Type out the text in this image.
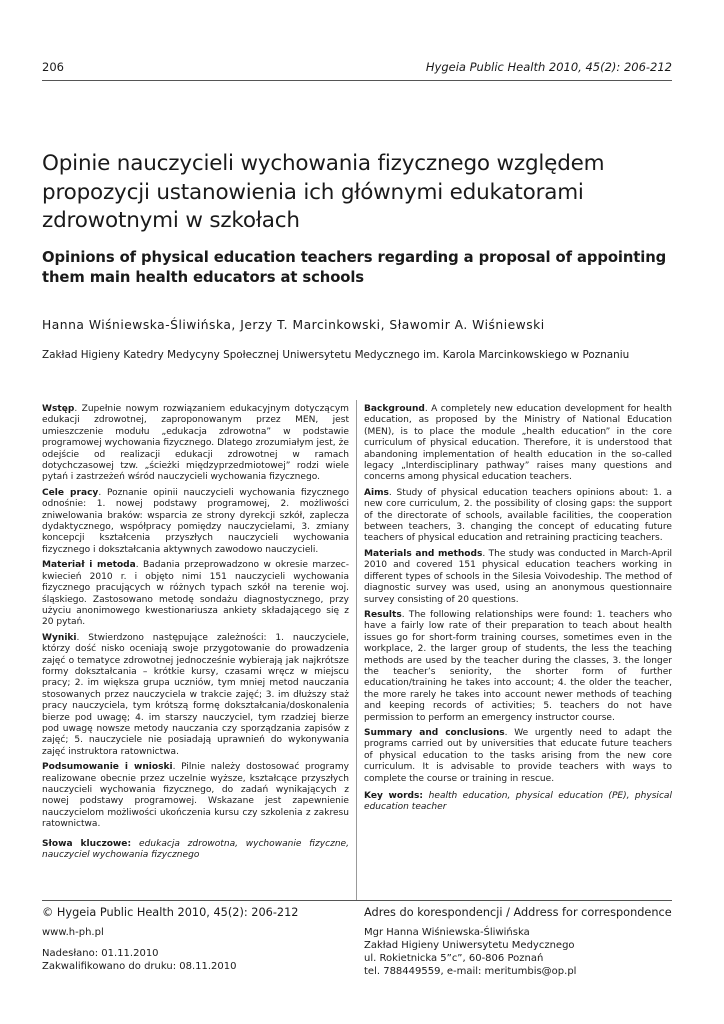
206	Hygeia Public Health 2010, 45(2): 206-212
Opinie nauczycieli wychowania fizycznego względem propozycji ustanowienia ich głównymi edukatorami zdrowotnymi w szkołach
Opinions of physical education teachers regarding a proposal of appointing them main health educators at schools
Hanna Wiśniewska-Śliwińska, Jerzy T. Marcinkowski, Sławomir A. Wiśniewski
Zakład Higieny Katedry Medycyny Społecznej Uniwersytetu Medycznego im. Karola Marcinkowskiego w Poznaniu
Wstęp. Zupełnie nowym rozwiązaniem edukacyjnym dotyczącym edukacji zdrowotnej, zaproponowanym przez MEN, jest umieszczenie modułu „edukacja zdrowotna” w podstawie programowej wychowania fizycznego. Dlatego zrozumiałym jest, że odejście od realizacji edukacji zdrowotnej w ramach dotychczasowej tzw. „ścieżki międzyprzedmiotowej” rodzi wiele pytań i zastrzeżeń wśród nauczycieli wychowania fizycznego.
Cele pracy. Poznanie opinii nauczycieli wychowania fizycznego odnośnie: 1. nowej podstawy programowej, 2. możliwości zniwelowania braków: wsparcia ze strony dyrekcji szkół, zaplecza dydaktycznego, współpracy pomiędzy nauczycielami, 3. zmiany koncepcji kształcenia przyszłych nauczycieli wychowania fizycznego i dokształcania aktywnych zawodowo nauczycieli.
Materiał i metoda. Badania przeprowadzono w okresie marzec-kwiecień 2010 r. i objęto nimi 151 nauczycieli wychowania fizycznego pracujących w różnych typach szkół na terenie woj. śląskiego. Zastosowano metodę sondażu diagnostycznego, przy użyciu anonimowego kwestionariusza ankiety składającego się z 20 pytań.
Wyniki. Stwierdzono następujące zależności: 1. nauczyciele, którzy dość nisko oceniają swoje przygotowanie do prowadzenia zajęć o tematyce zdrowotnej jednocześnie wybierają jak najkrótsze formy dokształcania – krótkie kursy, czasami wręcz w miejscu pracy; 2. im większa grupa uczniów, tym mniej metod nauczania stosowanych przez nauczyciela w trakcie zajęć; 3. im dłuższy staż pracy nauczyciela, tym krótszą formę dokształcania/doskonalenia bierze pod uwagę; 4. im starszy nauczyciel, tym rzadziej bierze pod uwagę nowsze metody nauczania czy sporządzania zapisów z zajęć; 5. nauczyciele nie posiadają uprawnień do wykonywania zajęć instruktora ratownictwa.
Podsumowanie i wnioski. Pilnie należy dostosować programy realizowane obecnie przez uczelnie wyższe, kształcące przyszłych nauczycieli wychowania fizycznego, do zadań wynikających z nowej podstawy programowej. Wskazane jest zapewnienie nauczycielom możliwości ukończenia kursu czy szkolenia z zakresu ratownictwa.
Słowa kluczowe: edukacja zdrowotna, wychowanie fizyczne, nauczyciel wychowania fizycznego
Background. A completely new education development for health education, as proposed by the Ministry of National Education (MEN), is to place the module „health education” in the core curriculum of physical education. Therefore, it is understood that abandoning implementation of health education in the so-called legacy „Interdisciplinary pathway” raises many questions and concerns among physical education teachers.
Aims. Study of physical education teachers opinions about: 1. a new core curriculum, 2. the possibility of closing gaps: the support of the directorate of schools, available facilities, the cooperation between teachers, 3. changing the concept of educating future teachers of physical education and retraining practicing teachers.
Materials and methods. The study was conducted in March-April 2010 and covered 151 physical education teachers working in different types of schools in the Silesia Voivodeship. The method of diagnostic survey was used, using an anonymous questionnaire survey consisting of 20 questions.
Results. The following relationships were found: 1. teachers who have a fairly low rate of their preparation to teach about health issues go for short-form training courses, sometimes even in the workplace, 2. the larger group of students, the less the teaching methods are used by the teacher during the classes, 3. the longer the teacher’s seniority, the shorter form of further education/training he takes into account; 4. the older the teacher, the more rarely he takes into account newer methods of teaching and keeping records of activities; 5. teachers do not have permission to perform an emergency instructor course.
Summary and conclusions. We urgently need to adapt the programs carried out by universities that educate future teachers of physical education to the tasks arising from the new core curriculum. It is advisable to provide teachers with ways to complete the course or training in rescue.
Key words: health education, physical education (PE), physical education teacher
© Hygeia Public Health 2010, 45(2): 206-212
www.h-ph.pl
Nadesłano: 01.11.2010
Zakwalifikowano do druku: 08.11.2010
Adres do korespondencji / Address for correspondence
Mgr Hanna Wiśniewska-Śliwińska
Zakład Higieny Uniwersytetu Medycznego
ul. Rokietnicka 5”c”, 60-806 Poznań
tel. 788449559, e-mail: meritumbis@op.pl
